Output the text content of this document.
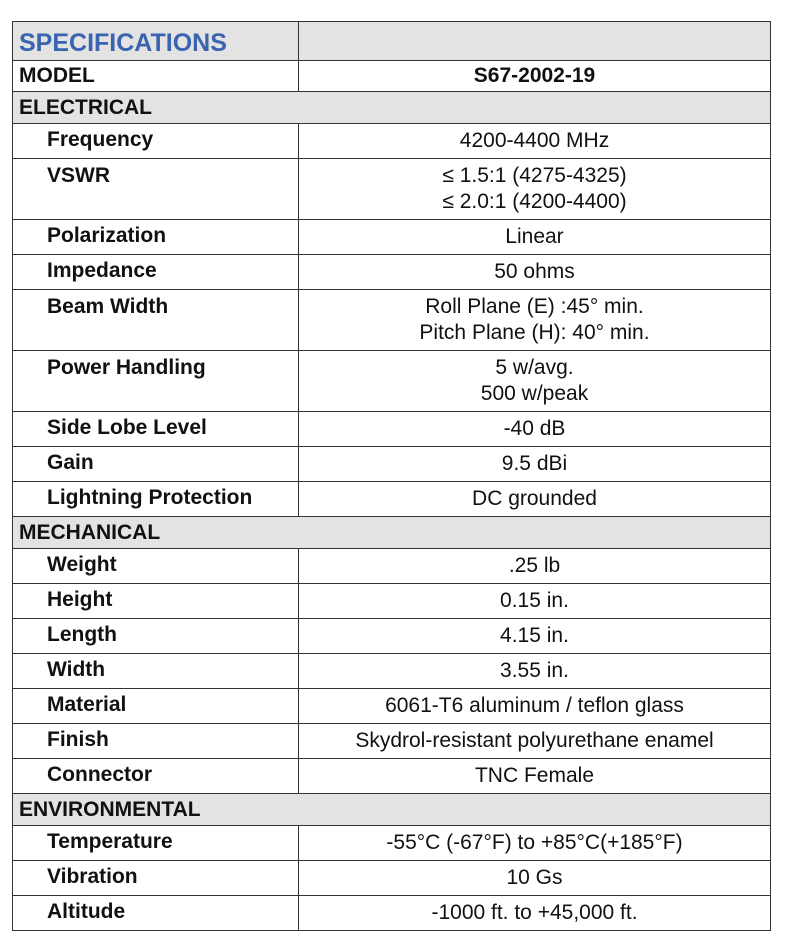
SPECIFICATIONS	
MODEL	S67-2002-19
ELECTRICAL	
Frequency	4200-4400 MHz
VSWR	≤ 1.5:1 (4275-4325)
≤ 2.0:1 (4200-4400)

Polarization	Linear
Impedance	50 ohms
Beam Width	Roll Plane (E) :45° min.
Pitch Plane (H): 40° min.

Power Handling	5 w/avg.
500 w/peak

Side Lobe Level	-40 dB
Gain	9.5 dBi
Lightning Protection	DC grounded
MECHANICAL	
Weight	.25 lb
Height	0.15 in.
Length	4.15 in.
Width	3.55 in.
Material	6061-T6 aluminum / teflon glass
Finish	Skydrol-resistant polyurethane enamel
Connector	TNC Female
ENVIRONMENTAL	
Temperature	-55°C (-67°F) to +85°C(+185°F)
Vibration	10 Gs
Altitude	-1000 ft. to +45,000 ft.
